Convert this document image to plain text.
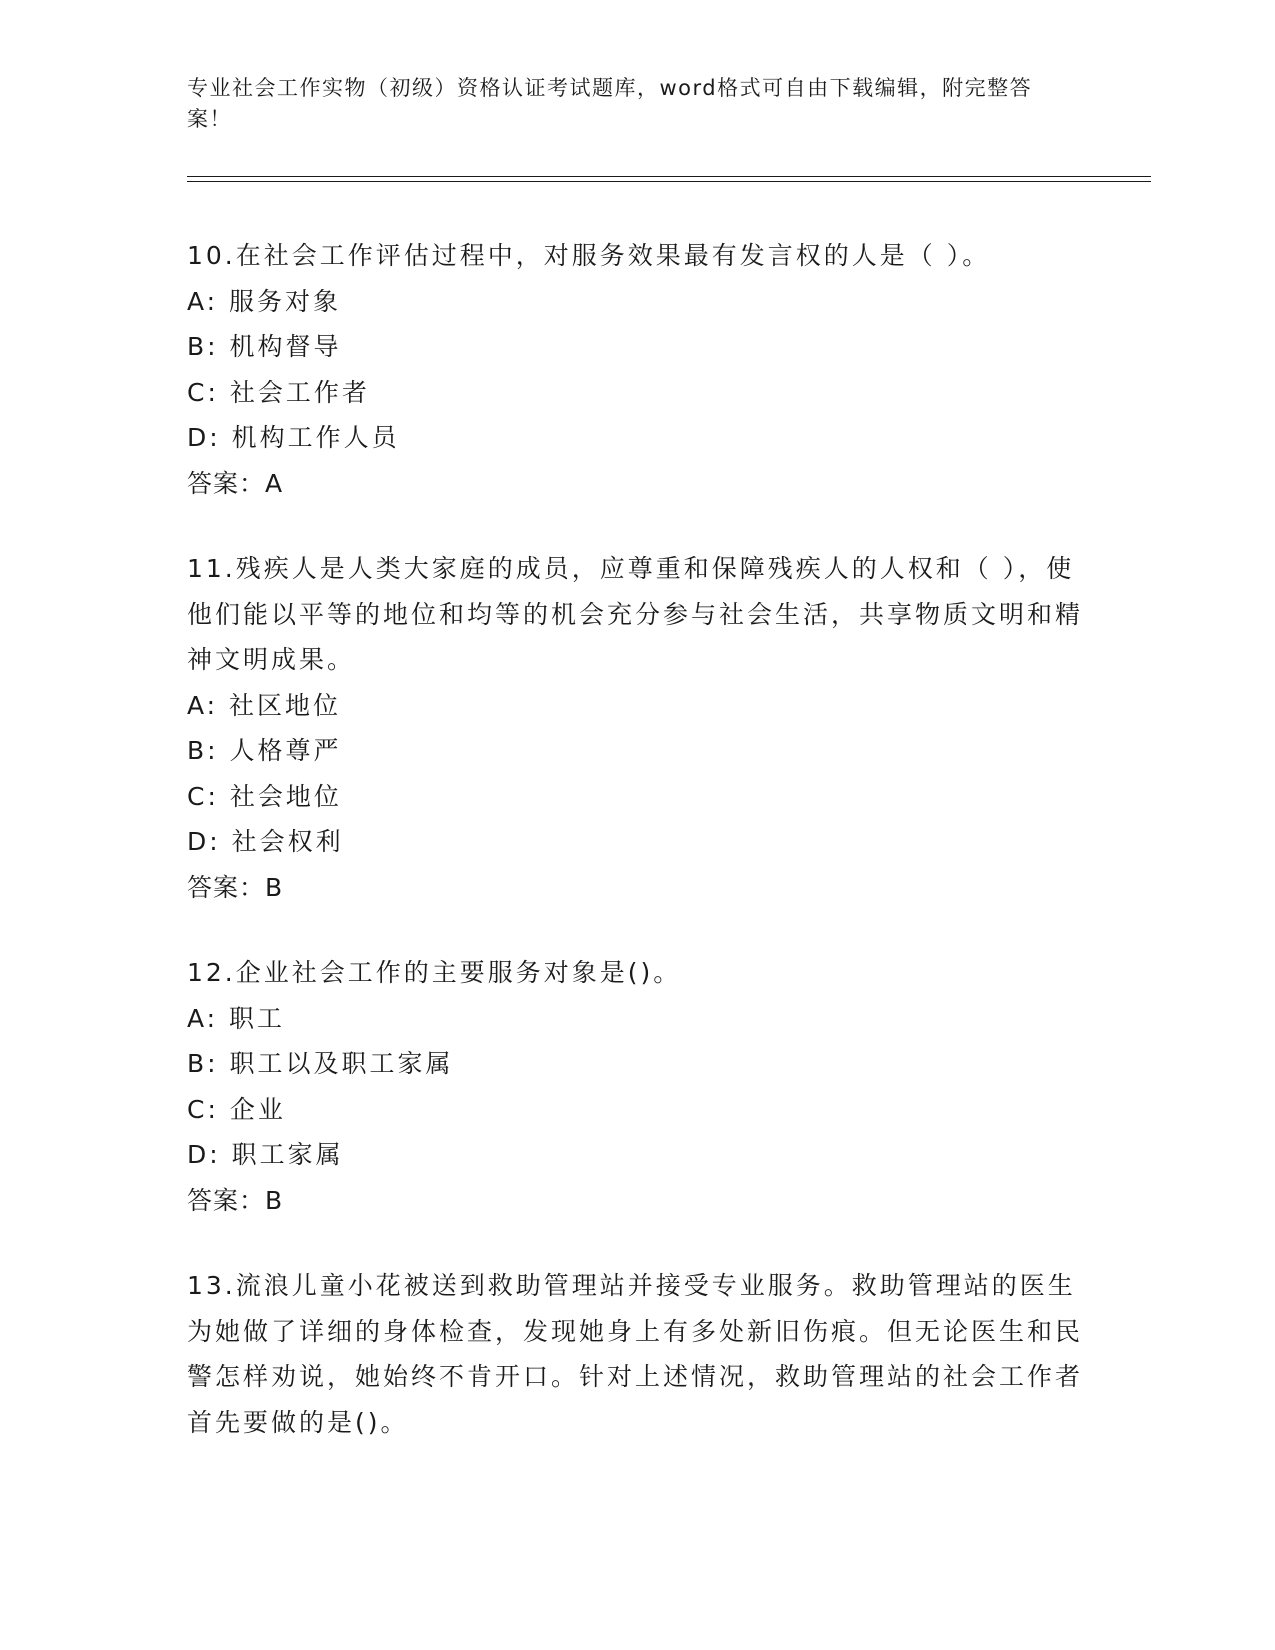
专业社会工作实物（初级）资格认证考试题库，word格式可自由下载编辑，附完整答案！
10.在社会工作评估过程中，对服务效果最有发言权的人是（ ）。
A: 服务对象
B: 机构督导
C: 社会工作者
D: 机构工作人员
答案：A
11.残疾人是人类大家庭的成员，应尊重和保障残疾人的人权和（ ），使他们能以平等的地位和均等的机会充分参与社会生活，共享物质文明和精神文明成果。
A: 社区地位
B: 人格尊严
C: 社会地位
D: 社会权利
答案：B
12.企业社会工作的主要服务对象是()。
A: 职工
B: 职工以及职工家属
C: 企业
D: 职工家属
答案：B
13.流浪儿童小花被送到救助管理站并接受专业服务。救助管理站的医生为她做了详细的身体检查，发现她身上有多处新旧伤痕。但无论医生和民警怎样劝说，她始终不肯开口。针对上述情况，救助管理站的社会工作者首先要做的是()。
